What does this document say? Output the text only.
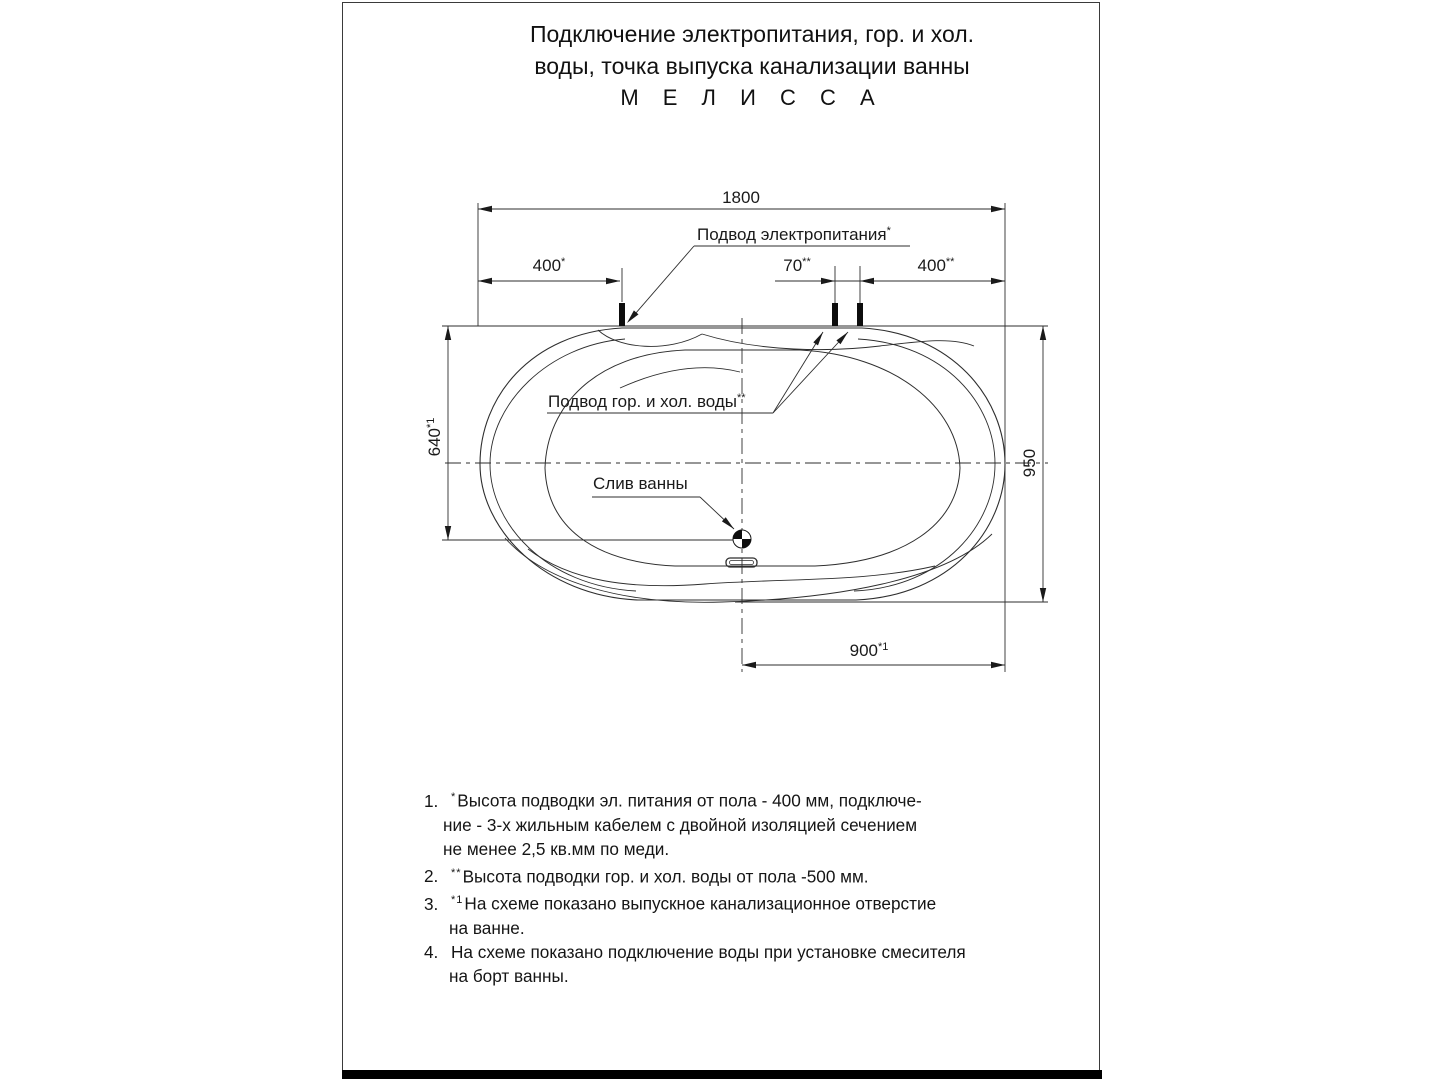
Подключение электропитания, гор. и хол.
воды, точка выпуска канализации ванны
М Е Л И С С А
1800
400*	70**	400**
640$^{*1}$
950
900$^{*1}$
Подвод электропитания*
Подвод гор. и хол. воды**
Слив ванны
1. *Высота подводки эл. питания от пола - 400 мм, подключе-
ние - 3-х жильным кабелем с двойной изоляцией сечением
не менее 2,5 кв.мм по меди.
2. **Высота подводки гор. и хол. воды от пола -500 мм.
3. $^{*1}$На схеме показано выпускное канализационное отверстие
на ванне.
4. На схеме показано подключение воды при установке смесителя
на борт ванны.
